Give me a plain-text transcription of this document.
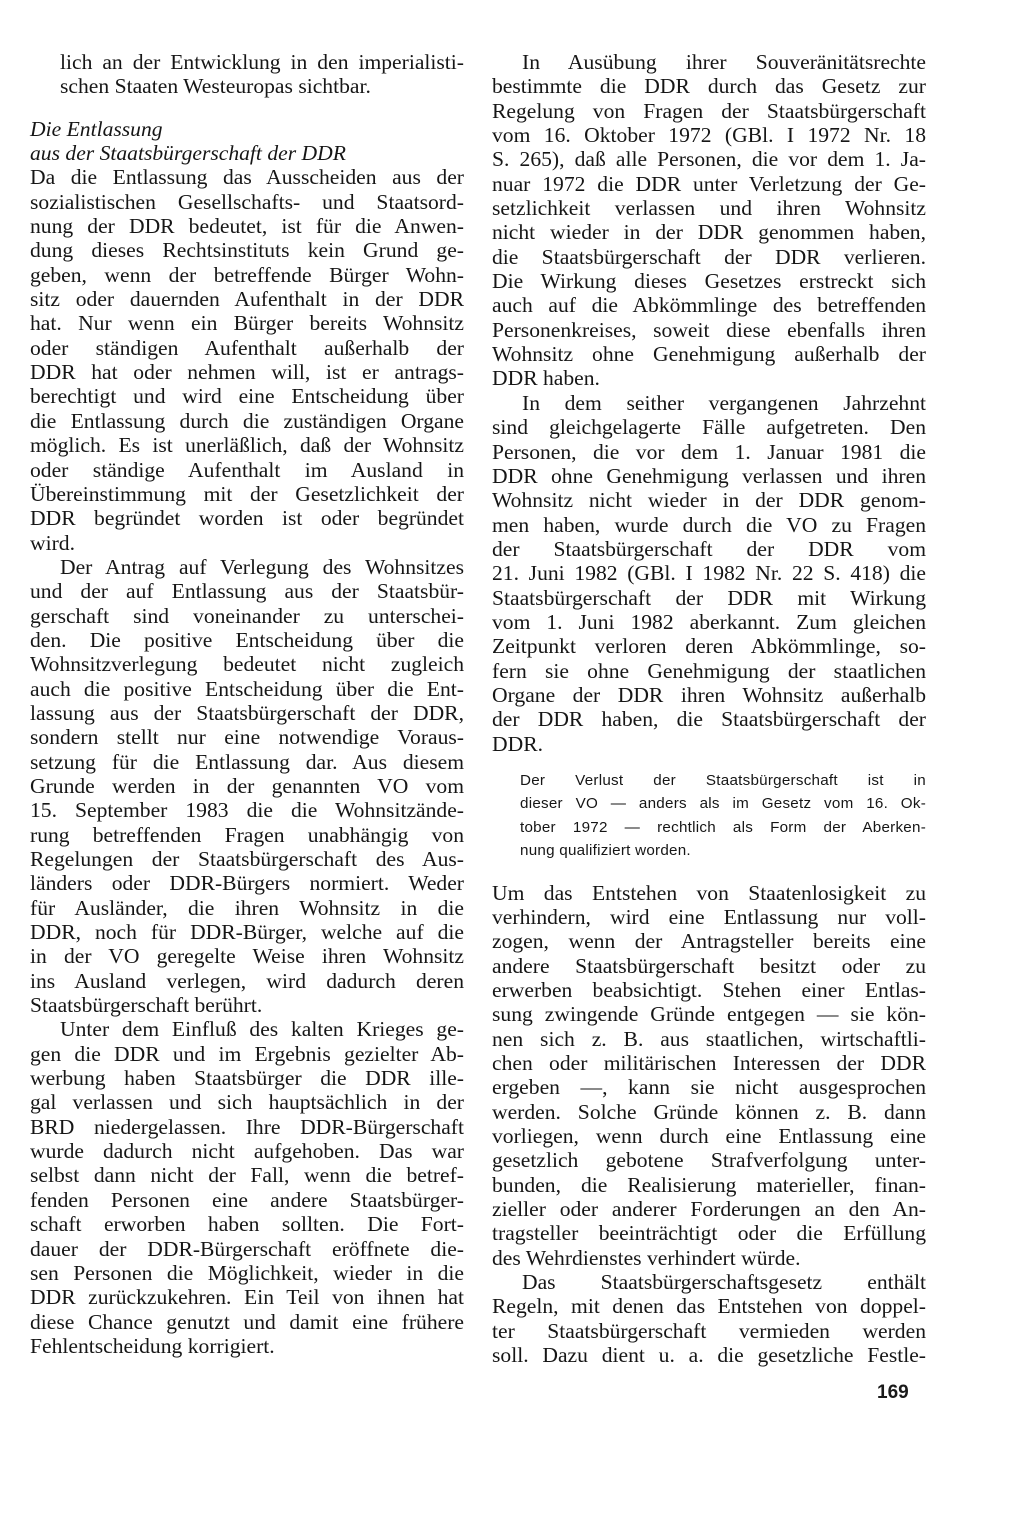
lich an der Entwicklung in den imperialisti-
schen Staaten Westeuropas sichtbar.
Die Entlassung
aus der Staatsbürgerschaft der DDR
Da die Entlassung das Ausscheiden aus der
sozialistischen Gesellschafts- und Staatsord-
nung der DDR bedeutet, ist für die Anwen-
dung dieses Rechtsinstituts kein Grund ge-
geben, wenn der betreffende Bürger Wohn-
sitz oder dauernden Aufenthalt in der DDR
hat. Nur wenn ein Bürger bereits Wohnsitz
oder ständigen Aufenthalt außerhalb der
DDR hat oder nehmen will, ist er antrags-
berechtigt und wird eine Entscheidung über
die Entlassung durch die zuständigen Organe
möglich. Es ist unerläßlich, daß der Wohnsitz
oder ständige Aufenthalt im Ausland in
Übereinstimmung mit der Gesetzlichkeit der
DDR begründet worden ist oder begründet
wird.
Der Antrag auf Verlegung des Wohnsitzes
und der auf Entlassung aus der Staatsbür-
gerschaft sind voneinander zu unterschei-
den. Die positive Entscheidung über die
Wohnsitzverlegung bedeutet nicht zugleich
auch die positive Entscheidung über die Ent-
lassung aus der Staatsbürgerschaft der DDR,
sondern stellt nur eine notwendige Voraus-
setzung für die Entlassung dar. Aus diesem
Grunde werden in der genannten VO vom
15. September 1983 die die Wohnsitzände-
rung betreffenden Fragen unabhängig von
Regelungen der Staatsbürgerschaft des Aus-
länders oder DDR-Bürgers normiert. Weder
für Ausländer, die ihren Wohnsitz in die
DDR, noch für DDR-Bürger, welche auf die
in der VO geregelte Weise ihren Wohnsitz
ins Ausland verlegen, wird dadurch deren
Staatsbürgerschaft berührt.
Unter dem Einfluß des kalten Krieges ge-
gen die DDR und im Ergebnis gezielter Ab-
werbung haben Staatsbürger die DDR ille-
gal verlassen und sich hauptsächlich in der
BRD niedergelassen. Ihre DDR-Bürgerschaft
wurde dadurch nicht aufgehoben. Das war
selbst dann nicht der Fall, wenn die betref-
fenden Personen eine andere Staatsbürger-
schaft erworben haben sollten. Die Fort-
dauer der DDR-Bürgerschaft eröffnete die-
sen Personen die Möglichkeit, wieder in die
DDR zurückzukehren. Ein Teil von ihnen hat
diese Chance genutzt und damit eine frühere
Fehlentscheidung korrigiert.
In Ausübung ihrer Souveränitätsrechte
bestimmte die DDR durch das Gesetz zur
Regelung von Fragen der Staatsbürgerschaft
vom 16. Oktober 1972 (GBl. I 1972 Nr. 18
S. 265), daß alle Personen, die vor dem 1. Ja-
nuar 1972 die DDR unter Verletzung der Ge-
setzlichkeit verlassen und ihren Wohnsitz
nicht wieder in der DDR genommen haben,
die Staatsbürgerschaft der DDR verlieren.
Die Wirkung dieses Gesetzes erstreckt sich
auch auf die Abkömmlinge des betreffenden
Personenkreises, soweit diese ebenfalls ihren
Wohnsitz ohne Genehmigung außerhalb der
DDR haben.
In dem seither vergangenen Jahrzehnt
sind gleichgelagerte Fälle aufgetreten. Den
Personen, die vor dem 1. Januar 1981 die
DDR ohne Genehmigung verlassen und ihren
Wohnsitz nicht wieder in der DDR genom-
men haben, wurde durch die VO zu Fragen
der Staatsbürgerschaft der DDR vom
21. Juni 1982 (GBl. I 1982 Nr. 22 S. 418) die
Staatsbürgerschaft der DDR mit Wirkung
vom 1. Juni 1982 aberkannt. Zum gleichen
Zeitpunkt verloren deren Abkömmlinge, so-
fern sie ohne Genehmigung der staatlichen
Organe der DDR ihren Wohnsitz außerhalb
der DDR haben, die Staatsbürgerschaft der
DDR.
Der Verlust der Staatsbürgerschaft ist in
dieser VO — anders als im Gesetz vom 16. Ok-
tober 1972 — rechtlich als Form der Aberken-
nung qualifiziert worden.
Um das Entstehen von Staatenlosigkeit zu
verhindern, wird eine Entlassung nur voll-
zogen, wenn der Antragsteller bereits eine
andere Staatsbürgerschaft besitzt oder zu
erwerben beabsichtigt. Stehen einer Entlas-
sung zwingende Gründe entgegen — sie kön-
nen sich z. B. aus staatlichen, wirtschaftli-
chen oder militärischen Interessen der DDR
ergeben —, kann sie nicht ausgesprochen
werden. Solche Gründe können z. B. dann
vorliegen, wenn durch eine Entlassung eine
gesetzlich gebotene Strafverfolgung unter-
bunden, die Realisierung materieller, finan-
zieller oder anderer Forderungen an den An-
tragsteller beeinträchtigt oder die Erfüllung
des Wehrdienstes verhindert würde.
Das Staatsbürgerschaftsgesetz enthält
Regeln, mit denen das Entstehen von doppel-
ter Staatsbürgerschaft vermieden werden
soll. Dazu dient u. a. die gesetzliche Festle-
169
